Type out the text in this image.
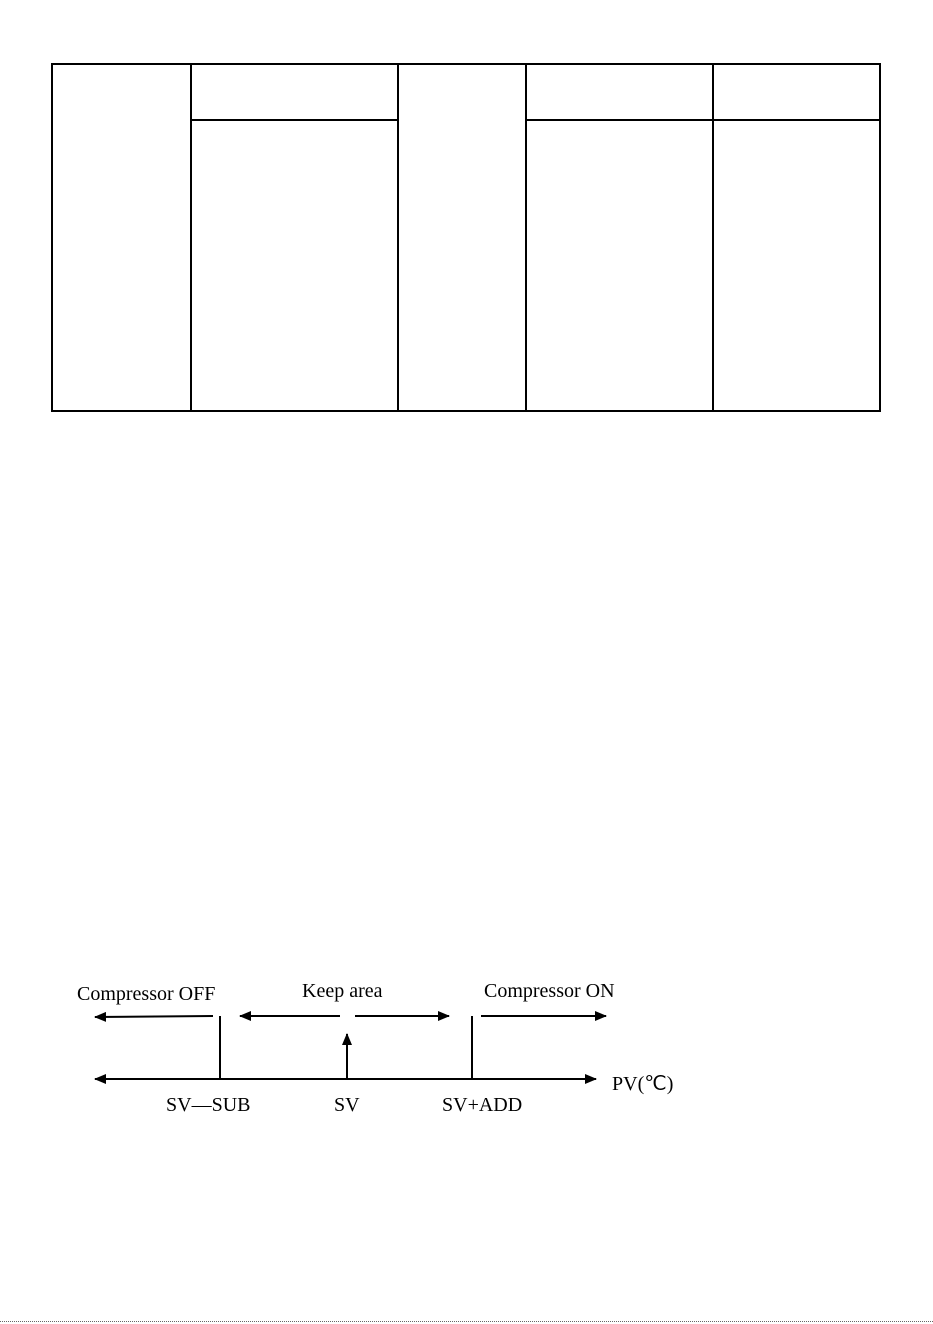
Compressor OFF	Keep area	Compressor ON
PV(℃)
SV—SUB	SV	SV+ADD
